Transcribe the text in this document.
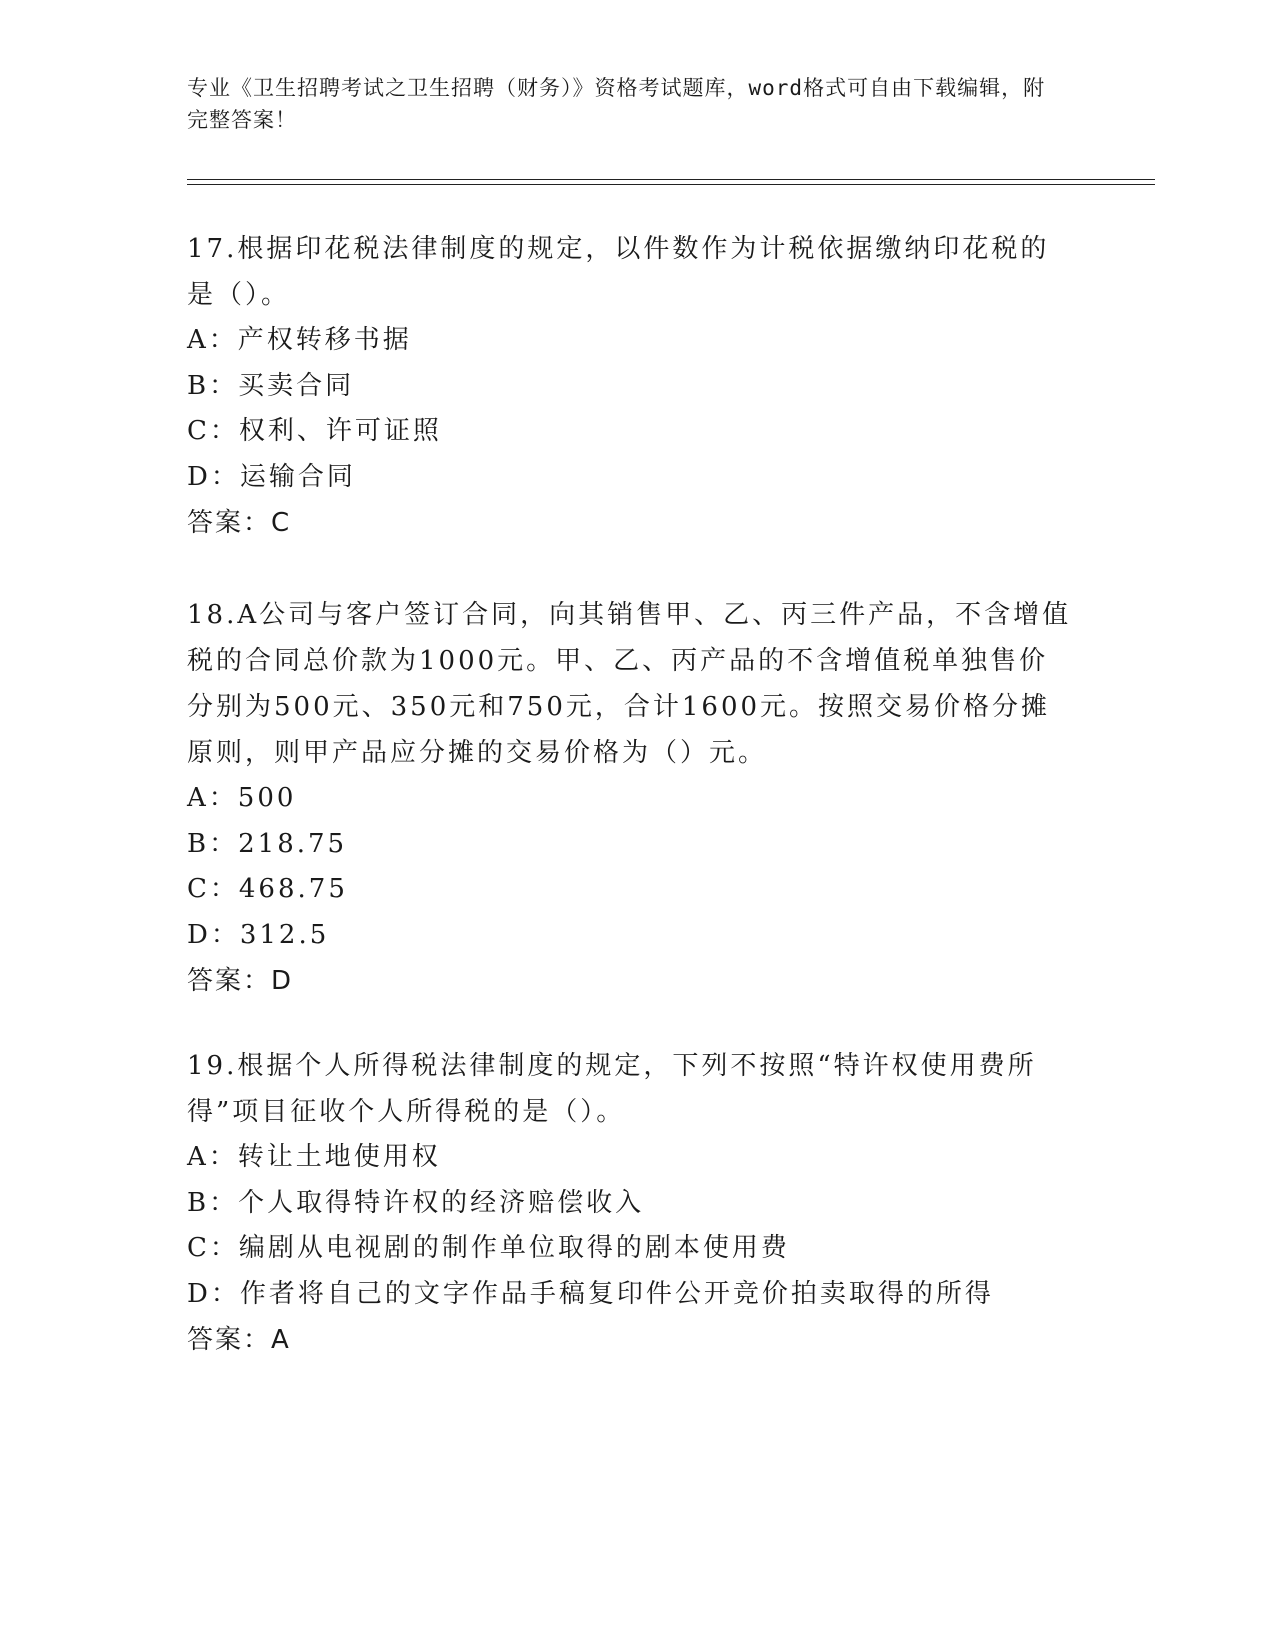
专业《卫生招聘考试之卫生招聘（财务）》资格考试题库，word格式可自由下载编辑，附完整答案！
17.根据印花税法律制度的规定，以件数作为计税依据缴纳印花税的是（）。
A：产权转移书据
B：买卖合同
C：权利、许可证照
D：运输合同
答案：C
18.A公司与客户签订合同，向其销售甲、乙、丙三件产品，不含增值税的合同总价款为1000元。甲、乙、丙产品的不含增值税单独售价分别为500元、350元和750元，合计1600元。按照交易价格分摊原则，则甲产品应分摊的交易价格为（）元。
A：500
B：218.75
C：468.75
D：312.5
答案：D
19.根据个人所得税法律制度的规定，下列不按照“特许权使用费所得”项目征收个人所得税的是（）。
A：转让土地使用权
B：个人取得特许权的经济赔偿收入
C：编剧从电视剧的制作单位取得的剧本使用费
D：作者将自己的文字作品手稿复印件公开竞价拍卖取得的所得
答案：A
